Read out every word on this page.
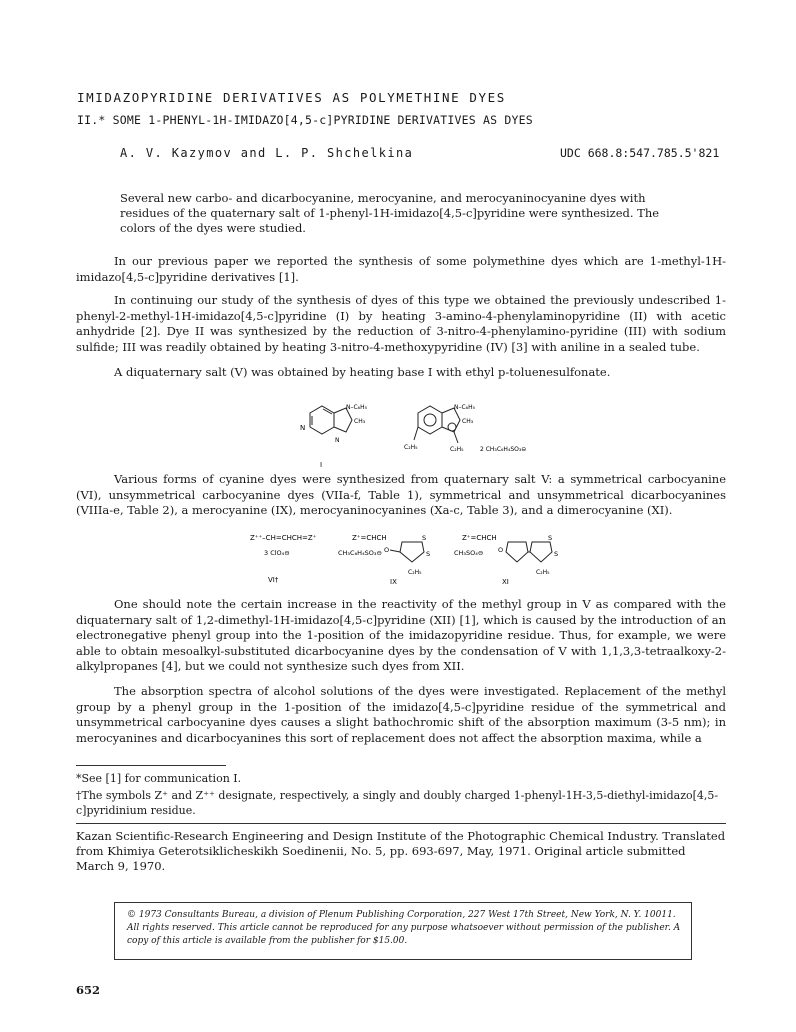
IMIDAZOPYRIDINE DERIVATIVES AS POLYMETHINE DYES
II.* SOME 1-PHENYL-1H-IMIDAZO[4,5-c]PYRIDINE DERIVATIVES AS DYES
A. V. Kazymov and L. P. Shchelkina	UDC 668.8:547.785.5'821
Several new carbo- and dicarbocyanine, merocyanine, and merocyaninocyanine dyes with residues of the quaternary salt of 1-phenyl-1H-imidazo[4,5-c]pyridine were synthesized. The colors of the dyes were studied.
In our previous paper we reported the synthesis of some polymethine dyes which are 1-methyl-1H-imidazo[4,5-c]pyridine derivatives [1].
In continuing our study of the synthesis of dyes of this type we obtained the previously undescribed 1-phenyl-2-methyl-1H-imidazo[4,5-c]pyridine (I) by heating 3-amino-4-phenylaminopyridine (II) with acetic anhydride [2]. Dye II was synthesized by the reduction of 3-nitro-4-phenylamino-pyridine (III) with sodium sulfide; III was readily obtained by heating 3-nitro-4-methoxypyridine (IV) [3] with aniline in a sealed tube.
A diquaternary salt (V) was obtained by heating base I with ethyl p-toluenesulfonate.
N
N–C₆H₅
CH₃
N
I
N–C₆H₅
CH₃
C₂H₅	C₂H₅	2 CH₃C₆H₄SO₃⊖
Various forms of cyanine dyes were synthesized from quaternary salt V: a symmetrical carbocyanine (VI), unsymmetrical carbocyanine dyes (VIIa-f, Table 1), symmetrical and unsymmetrical dicarbocyanines (VIIIa-e, Table 2), a merocyanine (IX), merocyaninocyanines (Xa-c, Table 3), and a dimerocyanine (XI).
Z⁺⁺–CH=CHCH=Z⁺
3 ClO₄⊖
VI†
Z⁺=CHCH
CH₃C₆H₄SO₃⊖ O
S
S
C₂H₅
IX
Z⁺=CHCH
CH₃SO₄⊖ O
S
S
C₂H₅
XI
One should note the certain increase in the reactivity of the methyl group in V as compared with the diquaternary salt of 1,2-dimethyl-1H-imidazo[4,5-c]pyridine (XII) [1], which is caused by the introduction of an electronegative phenyl group into the 1-position of the imidazopyridine residue. Thus, for example, we were able to obtain mesoalkyl-substituted dicarbocyanine dyes by the condensation of V with 1,1,3,3-tetraalkoxy-2-alkylpropanes [4], but we could not synthesize such dyes from XII.
The absorption spectra of alcohol solutions of the dyes were investigated. Replacement of the methyl group by a phenyl group in the 1-position of the imidazo[4,5-c]pyridine residue of the symmetrical and unsymmetrical carbocyanine dyes causes a slight bathochromic shift of the absorption maximum (3-5 nm); in merocyanines and dicarbocyanines this sort of replacement does not affect the absorption maxima, while a
*See [1] for communication I.
†The symbols Z⁺ and Z⁺⁺ designate, respectively, a singly and doubly charged 1-phenyl-1H-3,5-diethyl-imidazo[4,5-c]pyridinium residue.
Kazan Scientific-Research Engineering and Design Institute of the Photographic Chemical Industry. Translated from Khimiya Geterotsiklicheskikh Soedinenii, No. 5, pp. 693-697, May, 1971. Original article submitted March 9, 1970.
© 1973 Consultants Bureau, a division of Plenum Publishing Corporation, 227 West 17th Street, New York, N. Y. 10011. All rights reserved. This article cannot be reproduced for any purpose whatsoever without permission of the publisher. A copy of this article is available from the publisher for $15.00.
652
